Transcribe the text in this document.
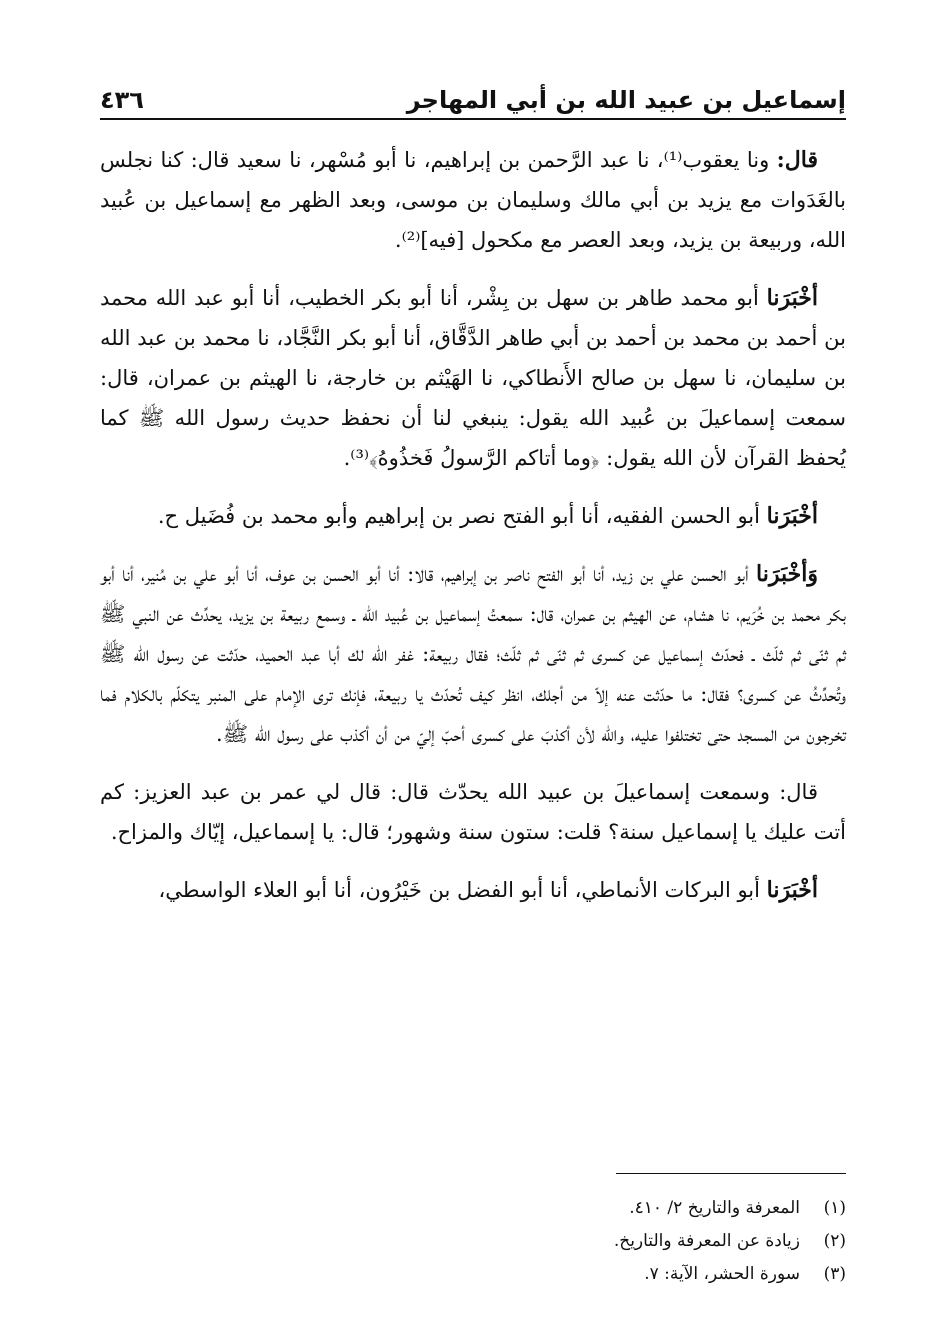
إسماعيل بن عبيد الله بن أبي المهاجر
٤٣٦

قال: ونا يعقوب⁽¹⁾، نا عبد الرَّحمن بن إبراهيم، نا أبو مُسْهر، نا سعيد قال: كنا نجلس بالغَدَوات مع يزيد بن أبي مالك وسليمان بن موسى، وبعد الظهر مع إسماعيل بن عُبيد الله، وربيعة بن يزيد، وبعد العصر مع مكحول [فيه]⁽²⁾.

أخْبَرَنا أبو محمد طاهر بن سهل بن بِشْر، أنا أبو بكر الخطيب، أنا أبو عبد الله محمد بن أحمد بن محمد بن أحمد بن أبي طاهر الدَّقَّاق، أنا أبو بكر النَّجَّاد، نا محمد بن عبد الله بن سليمان، نا سهل بن صالح الأَنطاكي، نا الهَيْثم بن خارجة، نا الهيثم بن عمران، قال: سمعت إسماعيلَ بن عُبيد الله يقول: ينبغي لنا أن نحفظ حديث رسول الله ﷺ كما يُحفظ القرآن لأن الله يقول: ﴿وما أتاكم الرَّسولُ فَخذُوهُ﴾⁽³⁾.

أخْبَرَنا أبو الحسن الفقيه، أنا أبو الفتح نصر بن إبراهيم وأبو محمد بن فُضَيل ح.

وَأخْبَرَنا أبو الحسن علي بن زيد، أنا أبو الفتح ناصر بن إبراهيم، قالا: أنا أبو الحسن بن عوف، أنا أبو علي بن مُنير، أنا أبو بكر محمد بن خُرَيم، نا هشام، عن الهيثم بن عمران، قال: سمعتُ إسماعيل بن عُبيد الله ـ وسمع ربيعة بن يزيد، يحدِّث عن النبي ﷺ ثم ثنّى ثم ثلّث ـ فحدّث إسماعيل عن كسرى ثم ثنّى ثم ثلّث؛ فقال ربيعة: غفر الله لك أبا عبد الحميد، حدّثت عن رسول الله ﷺ وتُحدِّثُ عن كسرى؟ فقال: ما حدّثت عنه إلاّ من أجلك، انظر كيف تُحدّث يا ربيعة، فإنك ترى الإمام على المنبر يتكلّم بالكلام فما تخرجون من المسجد حتى تختلفوا عليه، والله لأن أكذبَ على كسرى أحبّ إليّ من أن أكذب على رسول الله ﷺ.

قال: وسمعت إسماعيلَ بن عبيد الله يحدّث قال: قال لي عمر بن عبد العزيز: كم أتت عليك يا إسماعيل سنة؟ قلت: ستون سنة وشهور؛ قال: يا إسماعيل، إيّاك والمزاح.

أخْبَرَنا أبو البركات الأنماطي، أنا أبو الفضل بن خَيْرُون، أنا أبو العلاء الواسطي،

(١)
المعرفة والتاريخ ٢/ ٤١٠.
(٢)
زيادة عن المعرفة والتاريخ.
(٣)
سورة الحشر، الآية: ٧.
